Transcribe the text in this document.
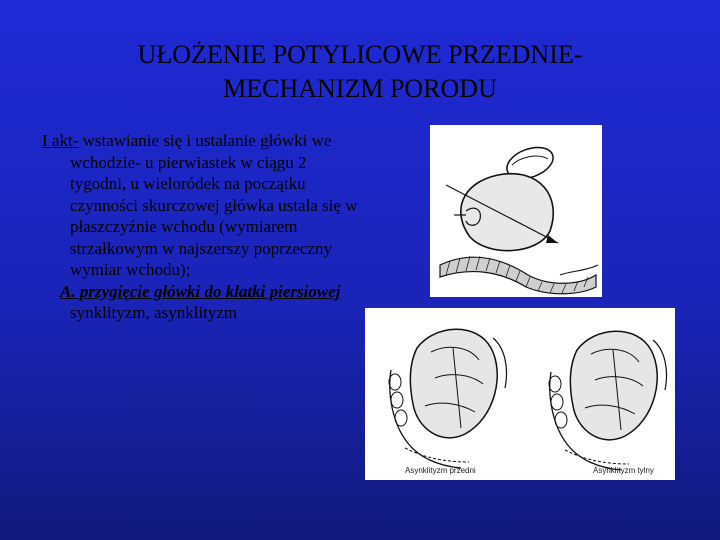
UŁOŻENIE POTYLICOWE PRZEDNIE-
MECHANIZM PORODU

I akt- wstawianie się i ustalanie główki we wchodzie- u pierwiastek w ciągu 2 tygodni, u wieloródek na początku czynności skurczowej główka ustala się w płaszczyźnie wchodu (wymiarem strzałkowym w najszerszy poprzeczny wymiar wchodu);

A. przygięcie główki do klatki piersiowej
synklityzm, asynklityzm
Asynklityzm przedni	Asynklityzm tylny
